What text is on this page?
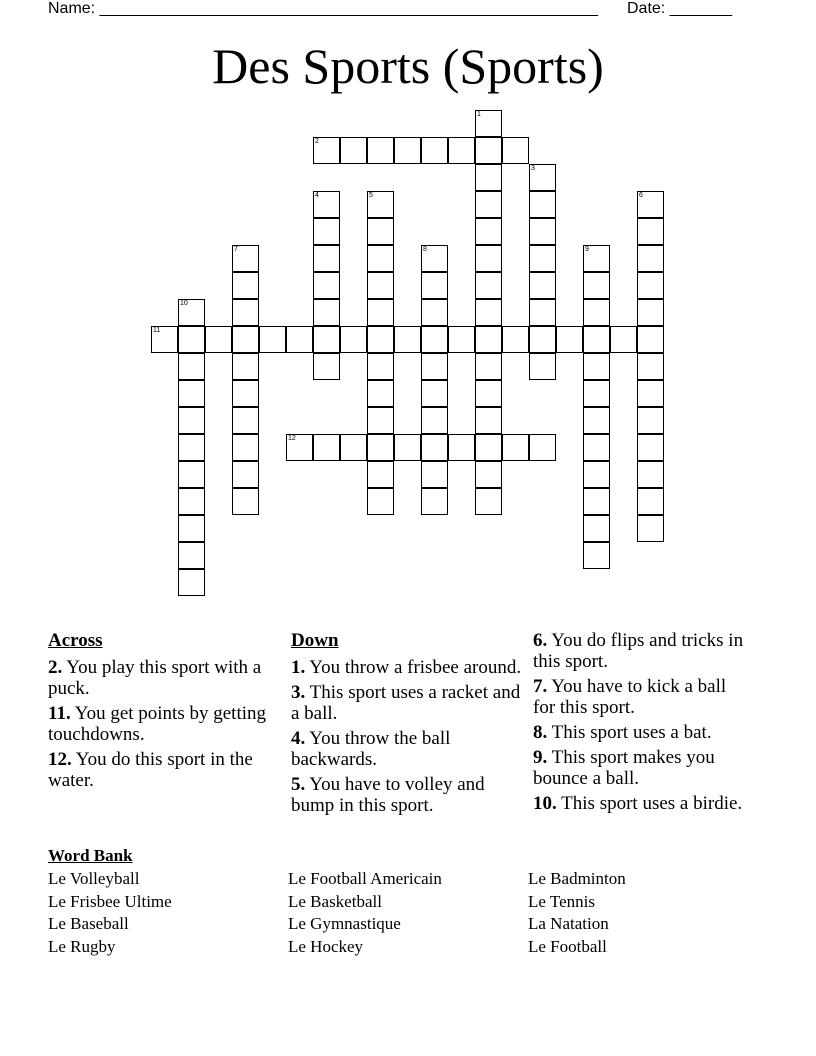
Name: ________________________________________________________ Date: _______
Des Sports (Sports)
1
2
3
4	5	6
7	8	9
10
11
12
Across
2. You play this sport with a puck.
11. You get points by getting touchdowns.
12. You do this sport in the water.
Down
1. You throw a frisbee around.
3. This sport uses a racket and a ball.
4. You throw the ball backwards.
5. You have to volley and bump in this sport.
6. You do flips and tricks in this sport.
7. You have to kick a ball for this sport.
8. This sport uses a bat.
9. This sport makes you bounce a ball.
10. This sport uses a birdie.
Word Bank
Le Volleyball
Le Frisbee Ultime
Le Baseball
Le Rugby
Le Football Americain
Le Basketball
Le Gymnastique
Le Hockey
Le Badminton
Le Tennis
La Natation
Le Football
